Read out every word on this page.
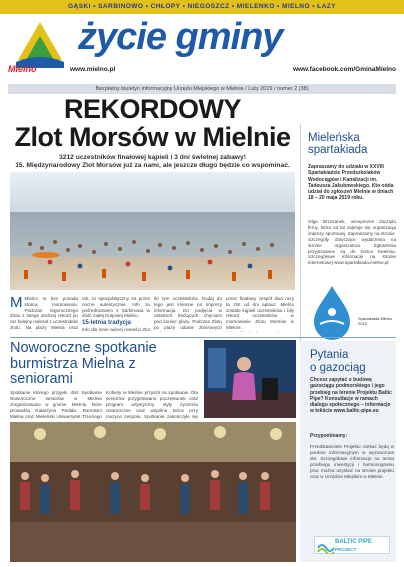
GĄSKI • SARBINOWO • CHŁOPY • NIEGOSZCZ • MIELENKO • MIELNO • ŁAZY
życie gminy
Mielno	www.mielno.pl	www.facebook.com/GminaMielno
Bezpłatny biuletyn informacyjny Urzędu Miejskiego w Mielnie / Luty 2019 / numer 2 (38)
REKORDOWY
Zlot Morsów w Mielnie
3212 uczestników finałowej kąpieli i 3 dni świetnej zabawy!
15. Międzynarodowy Zlot Morsów już za nami, ale jeszcze długo będzie co wspominać.
Mieleńska
spartakiada
Zapraszamy do udziału w XXVIII Spartakiadzie Przedszkolaków Wodociągów i Kanalizacji im. Tadeusza Jakubowskiego. Kto odda udział do zgłoszeń Mielnie w dniach 18 – 20 maja 2019 roku.
Olga Brzozanek, wiceprezes Zarządu firmy, która od lat zajmuje się organizacją imprezy sportowej. Zapraszamy na stronie. Szczegóły dotyczące wydarzenia na stronie organizatora. Zgłoszenia przyjmowane są do końca kwietnia. Szczegółowe informacje na stronie internetowej www.spartakiada.mielno.pl.
Spartakiada Mielno 2019
M Mielno to bez ponadą stolicą morsowania. Podczas tegorocznego Zlotu 1 lutego andrzej rekord po raz kolejny należał z uczestników zlotu. Na plaży Mielna oraz
rok, to specjalistyczny lot przez nocne autentycznie. Info za pośrednictwem z Sarbinowa w dość małej Krajowej Mielno.
15-letnia tradycja
Info dla mnie więcej nowości Zlot
Ile tym uczestników. Dodaj do tego jest imienne po imprezy informacja. Do podjęcia w ostatnich bieżących chęciach pod koniec plaży. Podczas Zlotu po plażę udanie zbiorowych
przez finałowy zespół dwa razy ta zlot od dni aplauz. Mielno zostało kąpieli uczestników i biły rekord uczestników w morsowanie Zlotu Morsów w Mielnie.
Noworoczne spotkanie burmistrza Mielna z seniorami
Spotkanie którego przyjęło dziś Spotkanie Noworoczne seniorów w Mielnie zorganizowane w gminie. Mielnie, które prowadzą Katarzyna Pedała. Burmistrz Mielna oraz Mieleński Uniwersytet Trzeciego
Kobiety w Mielnie przyszli na spotkanie. Dla seniorów przygotowano poczęstunek oraz program artystyczny. Były życzenia noworoczne oraz wspólne tańce przy muzyce zespołu. Spotkanie zakończyło się
Pytania
o gazociąg
Chcesz zapytać o budowę gazociągu podmorskiego i jego przebieg na terenie Projektu Baltic Pipe? Konsultacje w ramach dialogu społecznego – informacje w tekście www.baltic-pipe.eu
Przypominamy:
Przedstawiciele Projektu czekać będą w punkcie informacyjnym w wyznaczone dni. Szczegółowe informacje na temat przebiegu inwestycji i harmonogramu prac można uzyskać na stronie projektu oraz w Urzędzie Miejskim w Mielnie.
BALTIC PIPE
PROJECT
